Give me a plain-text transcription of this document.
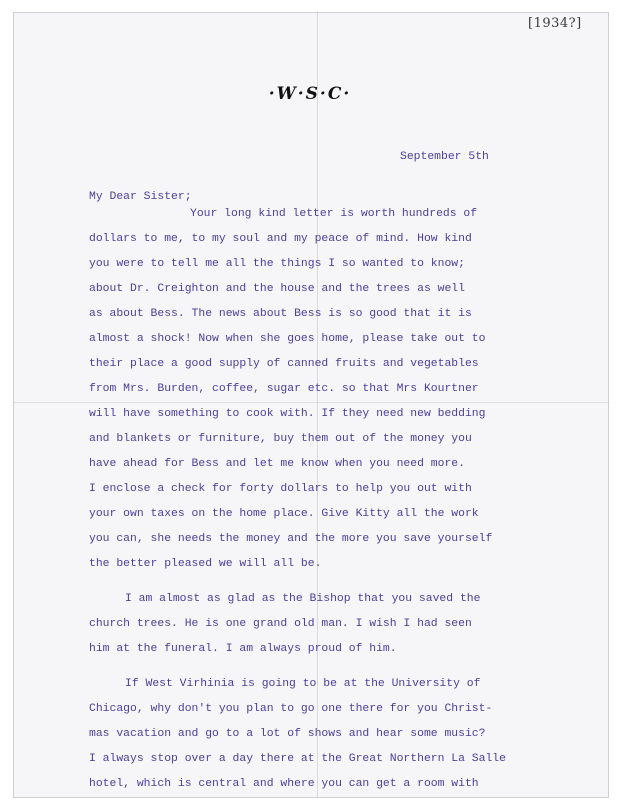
[1934?]
·W·S·C·
September 5th
My Dear Sister;
Your long kind letter is worth hundreds of
dollars to me, to my soul and my peace of mind. How kind
you were to tell me all the things I so wanted to know;
about Dr. Creighton and the house and the trees as well
as about Bess. The news about Bess is so good that it is
almost a shock! Now when she goes home, please take out to
their place a good supply of canned fruits and vegetables
from Mrs. Burden, coffee, sugar etc. so that Mrs Kourtner
will have something to cook with. If they need new bedding
and blankets or furniture, buy them out of the money you
have ahead for Bess and let me know when you need more.
I enclose a check for forty dollars to help you out with
your own taxes on the home place. Give Kitty all the work
you can, she needs the money and the more you save yourself
the better pleased we will all be.
I am almost as glad as the Bishop that you saved the
church trees. He is one grand old man. I wish I had seen
him at the funeral. I am always proud of him.
If West Virhinia is going to be at the University of
Chicago, why don't you plan to go one there for you Christ-
mas vacation and go to a lot of shows and hear some music?
I always stop over a day there at the Great Northern La Salle
hotel, which is central and where you can get a room with
